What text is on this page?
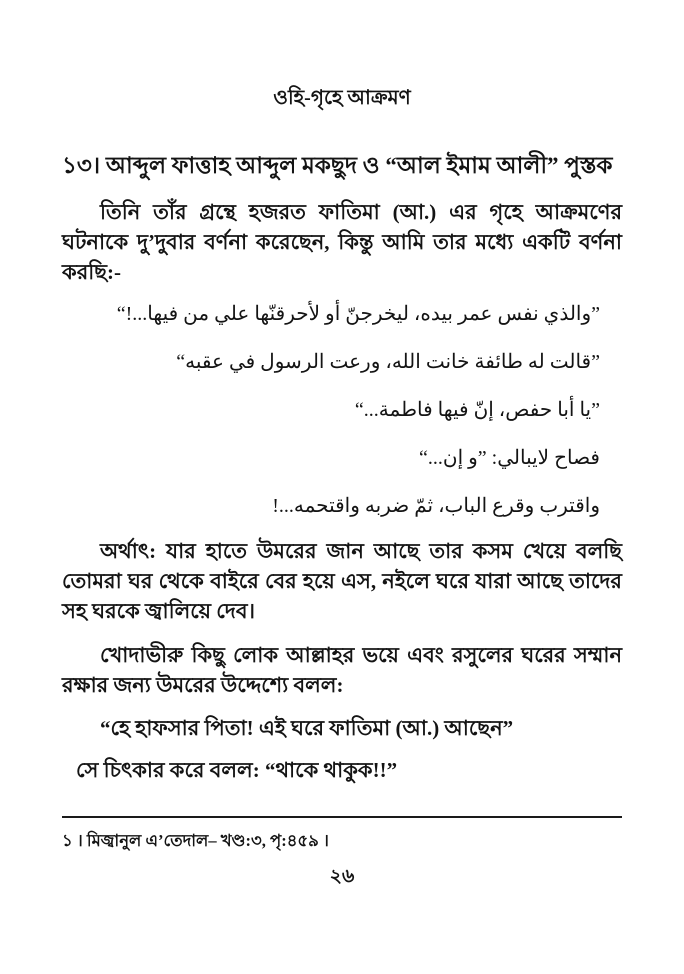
ওহি-গৃহে আক্রমণ

১৩। আব্দুল ফাত্তাহ আব্দুল মকছুদ ও “আল ইমাম আলী” পুস্তক

তিনি তাঁর গ্রন্থে হজরত ফাতিমা (আ.) এর গৃহে আক্রমণের ঘটনাকে দু’দুবার বর্ণনা করেছেন, কিন্তু আমি তার মধ্যে একটি বর্ণনা করছি:-

”والذي نفس عمر بيده، ليخرجنّ أو لأحرقنّها علي من فيها...!“

”قالت له طائفة خانت الله، ورعت الرسول في عقبه“

”يا أبا حفص، إنّ فيها فاطمة...“

فصاح لايبالي: ”و إن...“

واقترب وقرع الباب، ثمّ ضربه واقتحمه...!

অর্থাৎ: যার হাতে উমরের জান আছে তার কসম খেয়ে বলছি তোমরা ঘর থেকে বাইরে বের হয়ে এস, নইলে ঘরে যারা আছে তাদের সহ ঘরকে জ্বালিয়ে দেব।

খোদাভীরু কিছু লোক আল্লাহর ভয়ে এবং রসুলের ঘরের সম্মান রক্ষার জন্য উমরের উদ্দেশ্যে বলল:

“হে হাফসার পিতা! এই ঘরে ফাতিমা (আ.) আছেন”

সে চিৎকার করে বলল: “থাকে থাকুক!!”

১ । মিজ্বানুল এ’তেদাল– খণ্ড:৩, পৃ:৪৫৯ ।

২৬
